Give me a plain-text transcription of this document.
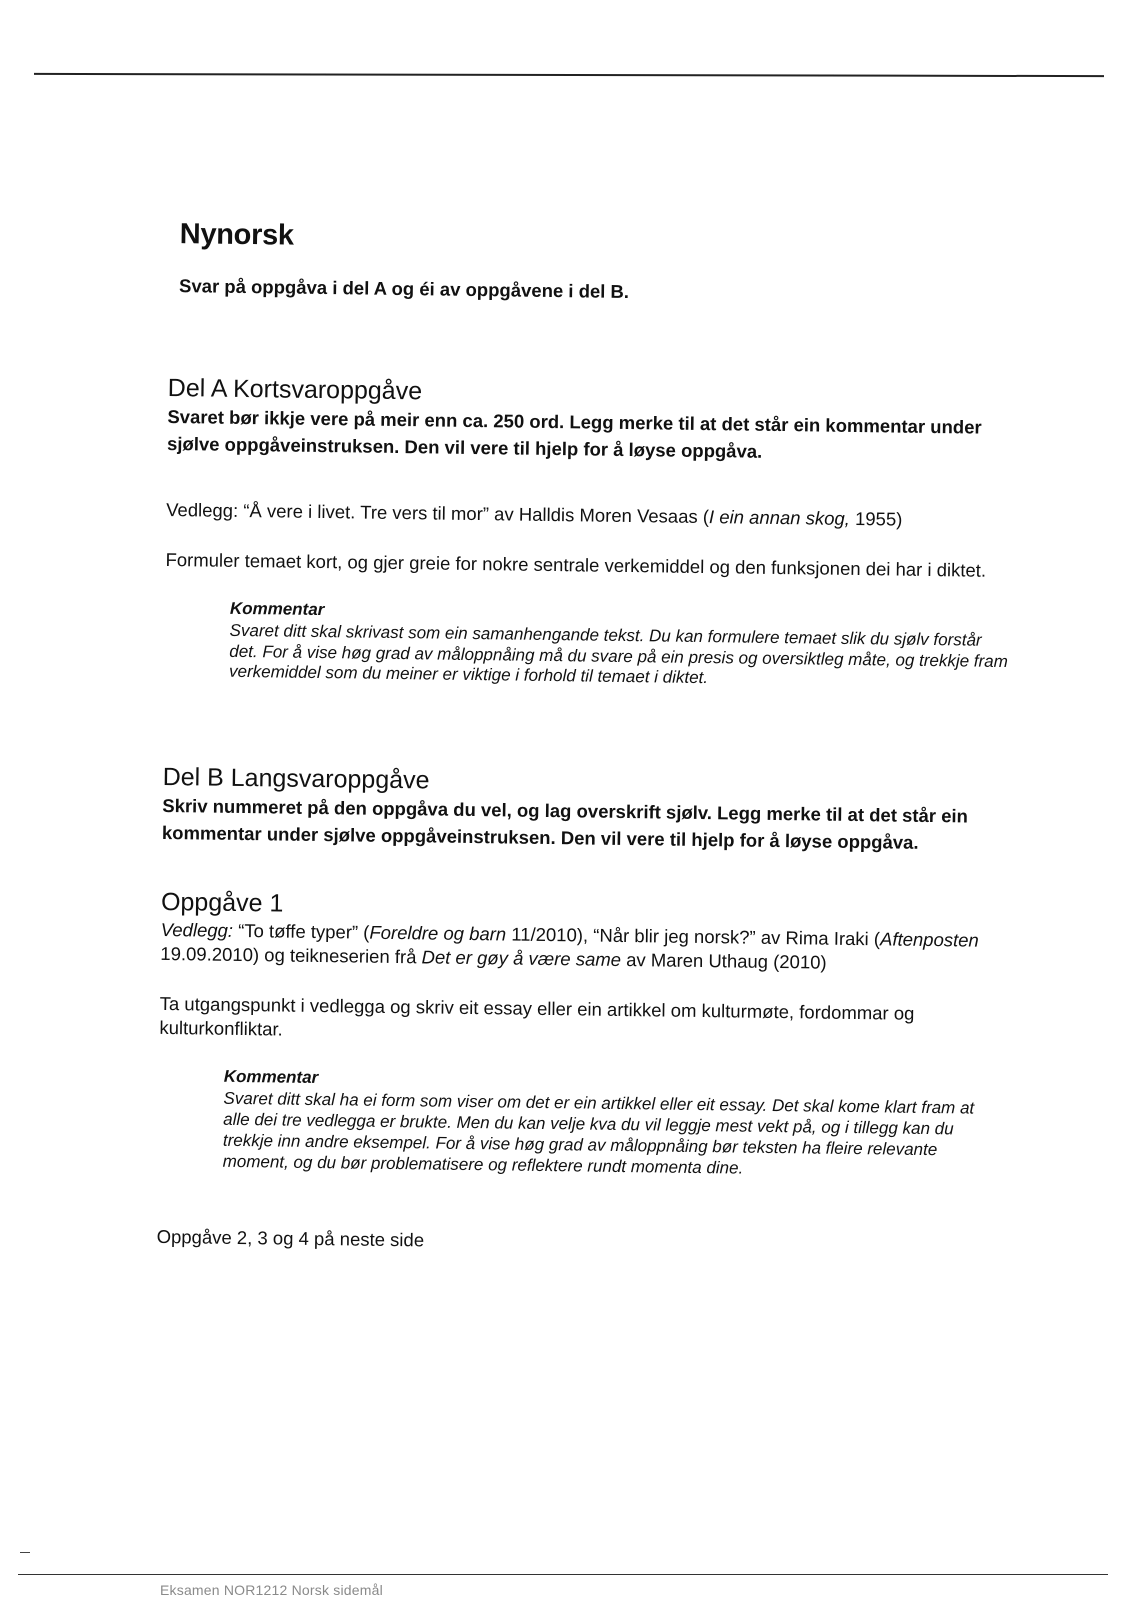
Nynorsk

Svar på oppgåva i del A og éi av oppgåvene i del B.

Del A Kortsvaroppgåve

Svaret bør ikkje vere på meir enn ca. 250 ord. Legg merke til at det står ein kommentar under sjølve oppgåveinstruksen. Den vil vere til hjelp for å løyse oppgåva.

Vedlegg: “Å vere i livet. Tre vers til mor” av Halldis Moren Vesaas (I ein annan skog, 1955)

Formuler temaet kort, og gjer greie for nokre sentrale verkemiddel og den funksjonen dei har i diktet.

Kommentar
Svaret ditt skal skrivast som ein samanhengande tekst. Du kan formulere temaet slik du sjølv forstår det. For å vise høg grad av måloppnåing må du svare på ein presis og oversiktleg måte, og trekkje fram verkemiddel som du meiner er viktige i forhold til temaet i diktet.
Del B Langsvaroppgåve

Skriv nummeret på den oppgåva du vel, og lag overskrift sjølv. Legg merke til at det står ein kommentar under sjølve oppgåveinstruksen. Den vil vere til hjelp for å løyse oppgåva.

Oppgåve 1

Vedlegg: “To tøffe typer” (Foreldre og barn 11/2010), “Når blir jeg norsk?” av Rima Iraki (Aftenposten 19.09.2010) og teikneserien frå Det er gøy å være same av Maren Uthaug (2010)

Ta utgangspunkt i vedlegga og skriv eit essay eller ein artikkel om kulturmøte, fordommar og kulturkonfliktar.

Kommentar
Svaret ditt skal ha ei form som viser om det er ein artikkel eller eit essay. Det skal kome klart fram at alle dei tre vedlegga er brukte. Men du kan velje kva du vil leggje mest vekt på, og i tillegg kan du trekkje inn andre eksempel. For å vise høg grad av måloppnåing bør teksten ha fleire relevante moment, og du bør problematisere og reflektere rundt momenta dine.

Oppgåve 2, 3 og 4 på neste side

Eksamen NOR1212 Norsk sidemål
